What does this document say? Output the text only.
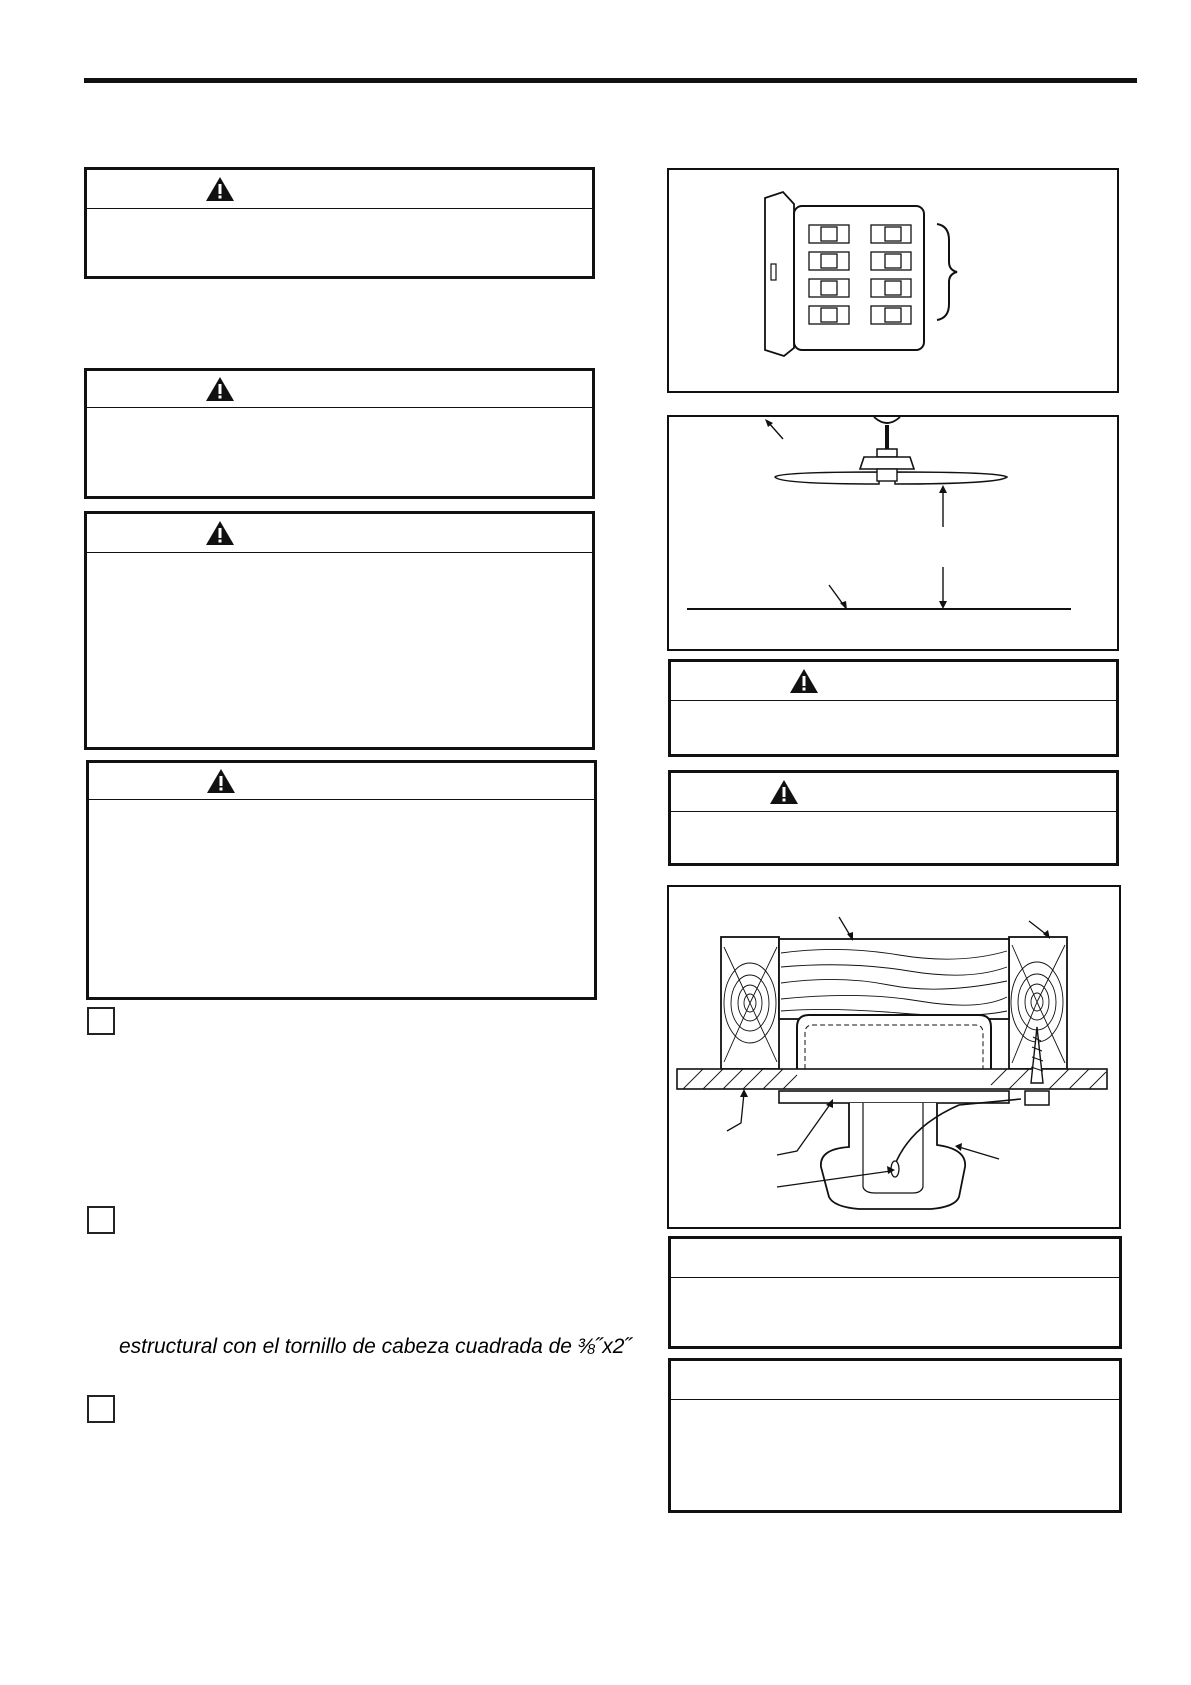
estructural con el tornillo de cabeza cuadrada de ⅜˝x2˝
